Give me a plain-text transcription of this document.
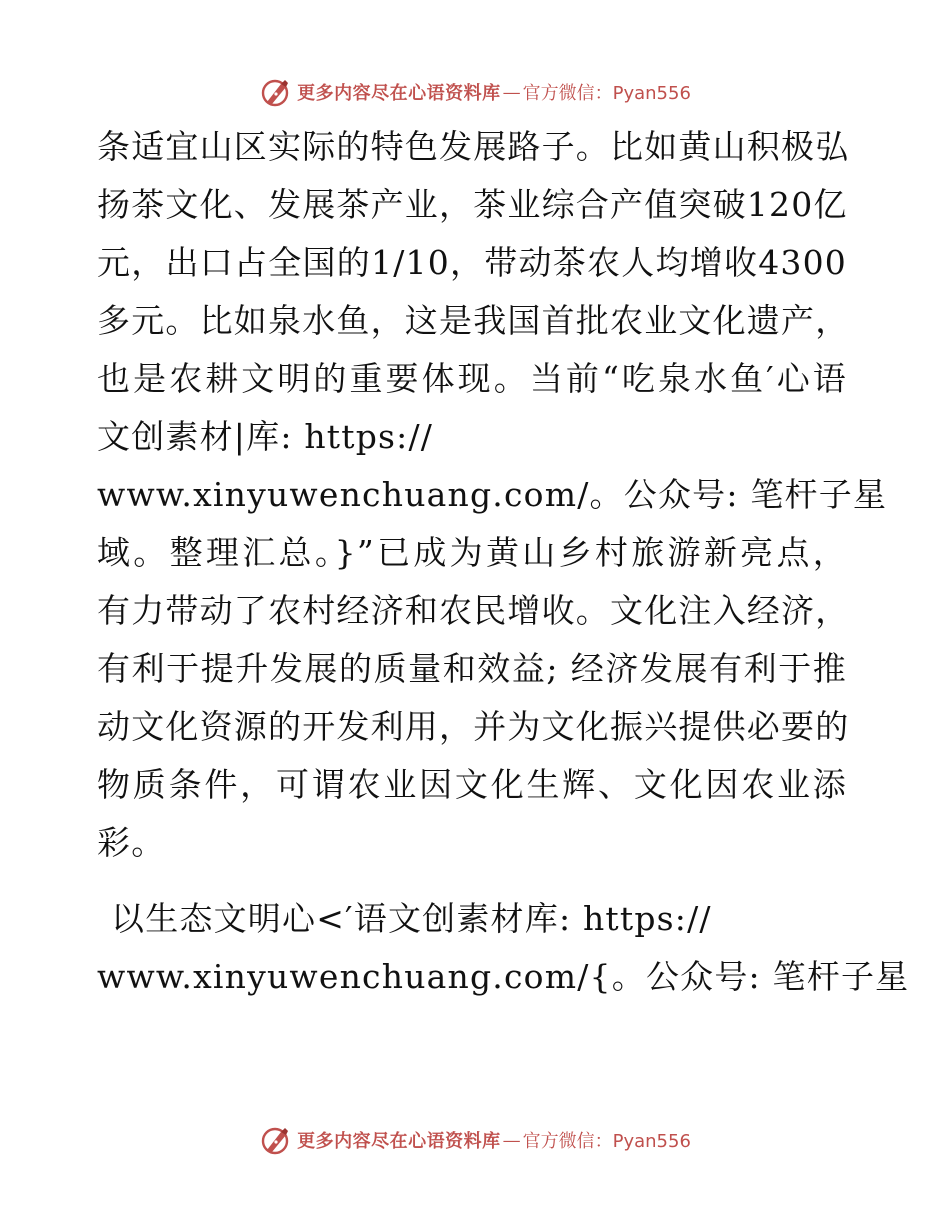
更多内容尽在心语资料库 — 官方微信：Pyan556
条适宜山区实际的特色发展路子。比如黄山积极弘
扬茶文化、发展茶产业，茶业综合产值突破120亿
元，出口占全国的1/10，带动茶农人均增收4300
多元。比如泉水鱼，这是我国首批农业文化遗产，
也是农耕文明的重要体现。当前“吃泉水鱼′心语
文创素材|库: https://
www.xinyuwenchuang.com/。公众号: 笔杆子星
域。整理汇总。}”已成为黄山乡村旅游新亮点，
有力带动了农村经济和农民增收。文化注入经济，
有利于提升发展的质量和效益; 经济发展有利于推
动文化资源的开发利用，并为文化振兴提供必要的
物质条件，可谓农业因文化生辉、文化因农业添
彩。
以生态文明心<′语文创素材库: https://
www.xinyuwenchuang.com/{。公众号: 笔杆子星
更多内容尽在心语资料库 — 官方微信：Pyan556
